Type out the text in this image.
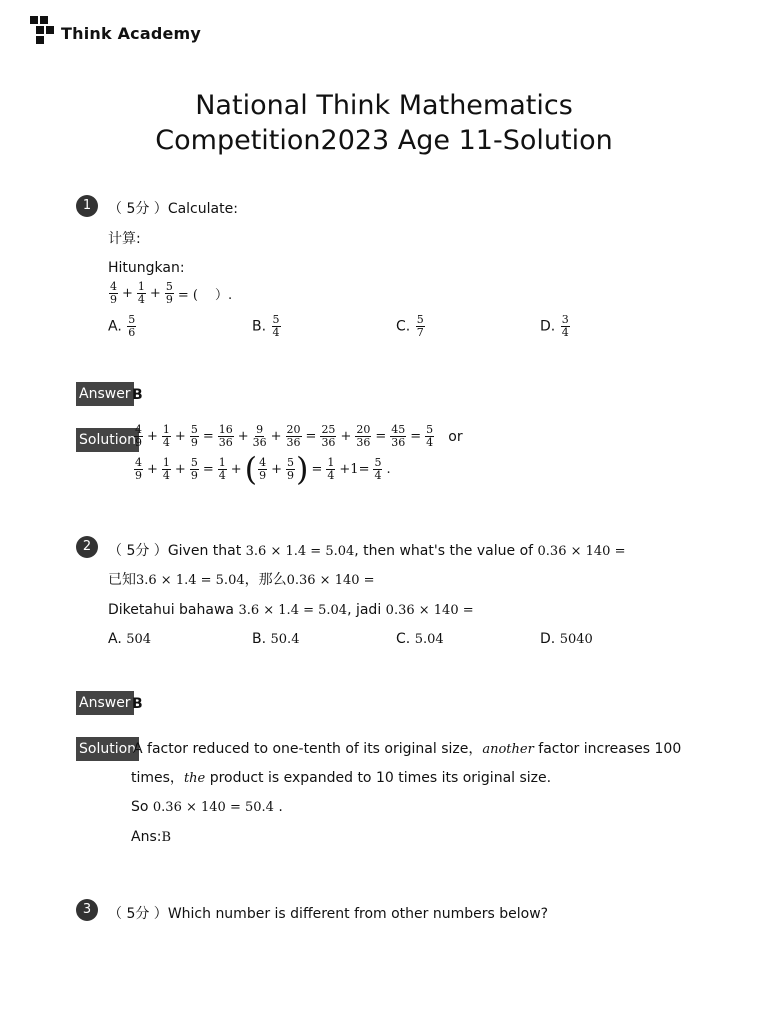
Think Academy
National Think Mathematics
Competition2023 Age 11-Solution
1	（ 5分 ）Calculate:
计算:
Hitungkan:
$\frac{4}{9} + \frac{1}{4} + \frac{5}{9}$ = (　 ）.
A. $\frac{5}{6}$	B. $\frac{5}{4}$	C. $\frac{5}{7}$	D. $\frac{3}{4}$
Answer B
Solution
$\frac{4}{9} + \frac{1}{4} + \frac{5}{9} = \frac{16}{36} + \frac{9}{36} + \frac{20}{36} = \frac{25}{36} + \frac{20}{36} = \frac{45}{36} = \frac{5}{4}$ or
$\frac{4}{9} + \frac{1}{4} + \frac{5}{9} = \frac{1}{4}$ +( $\frac{4}{9} + \frac{5}{9}$ ) = $\frac{1}{4} +1= \frac{5}{4}$ .
2	（ 5分 ）Given that 3.6 × 1.4 = 5.04, then what's the value of 0.36 × 140 =
已知3.6 × 1.4 = 5.04，那么0.36 × 140 =
Diketahui bahawa 3.6 × 1.4 = 5.04, jadi 0.36 × 140 =
A. 504	B. 50.4	C. 5.04	D. 5040
Answer B
Solution
A factor reduced to one-tenth of its original size，another factor increases 100
times，the product is expanded to 10 times its original size.
So 0.36 × 140 = 50.4 .
Ans:B
3	（ 5分 ）Which number is different from other numbers below?
